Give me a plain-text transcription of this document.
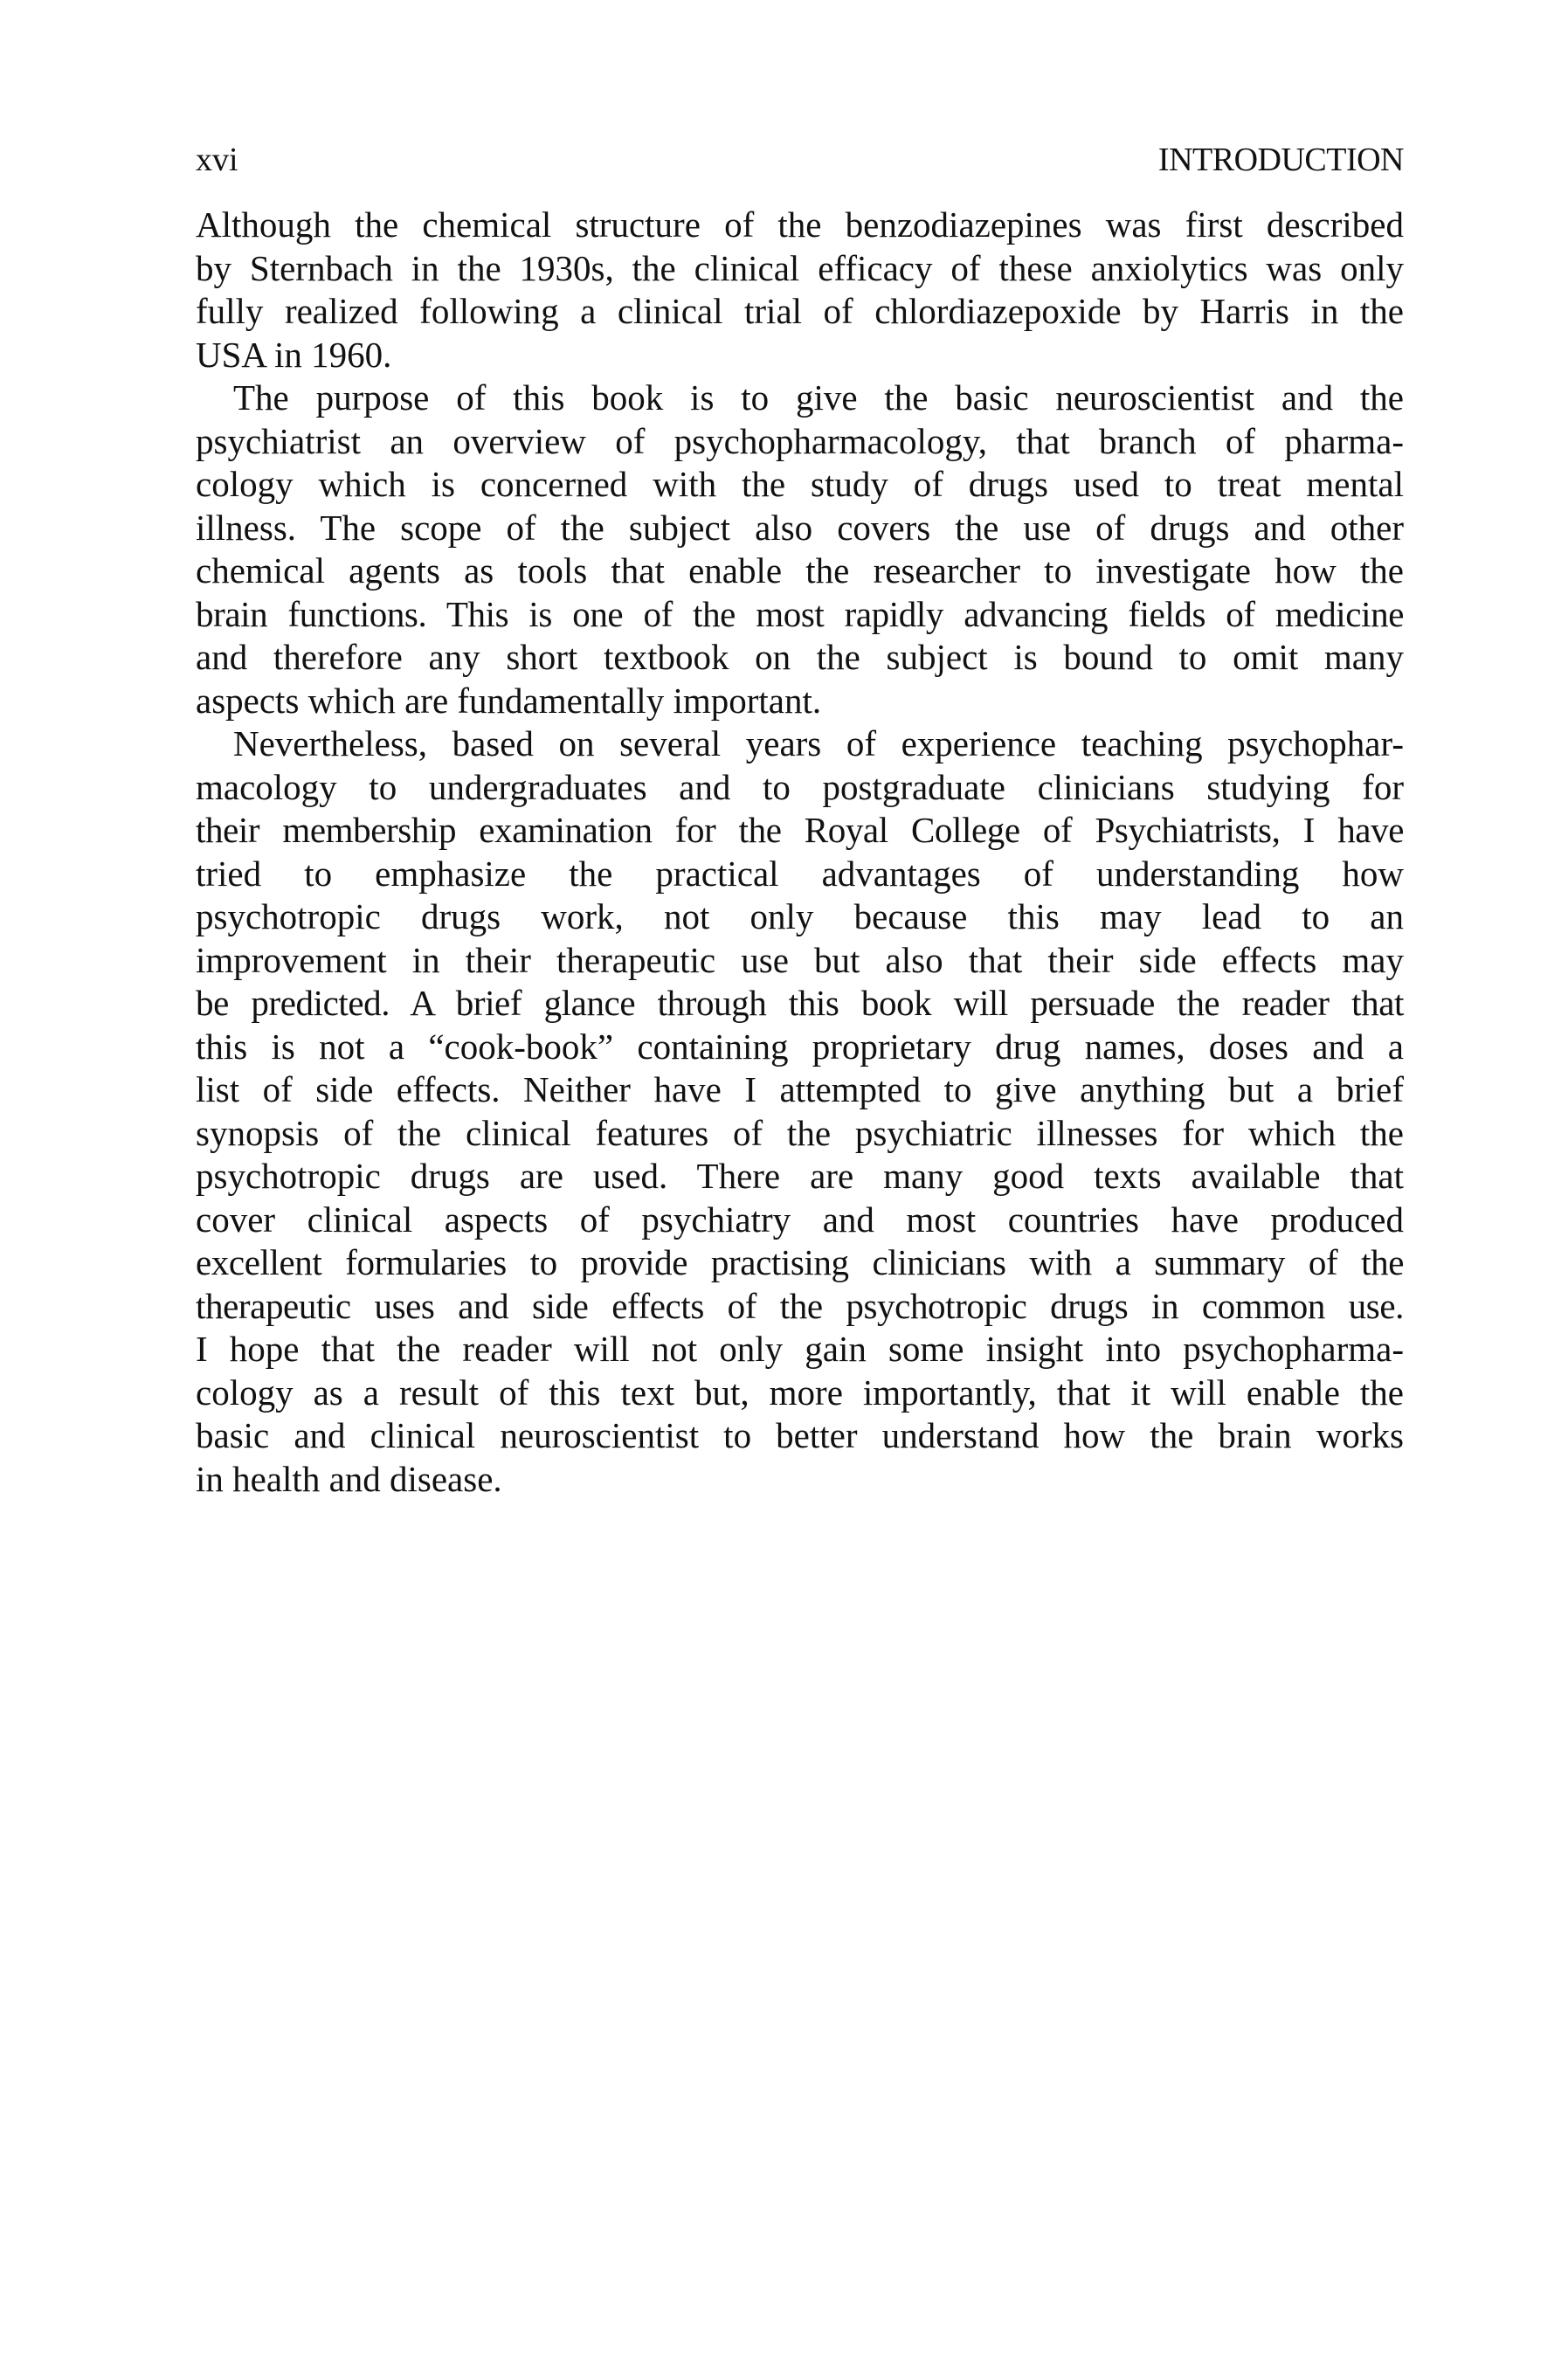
xvi	INTRODUCTION
Although the chemical structure of the benzodiazepines was first described
by Sternbach in the 1930s, the clinical efficacy of these anxiolytics was only
fully realized following a clinical trial of chlordiazepoxide by Harris in the
USA in 1960.
The purpose of this book is to give the basic neuroscientist and the
psychiatrist an overview of psychopharmacology, that branch of pharma-
cology which is concerned with the study of drugs used to treat mental
illness. The scope of the subject also covers the use of drugs and other
chemical agents as tools that enable the researcher to investigate how the
brain functions. This is one of the most rapidly advancing fields of medicine
and therefore any short textbook on the subject is bound to omit many
aspects which are fundamentally important.
Nevertheless, based on several years of experience teaching psychophar-
macology to undergraduates and to postgraduate clinicians studying for
their membership examination for the Royal College of Psychiatrists, I have
tried to emphasize the practical advantages of understanding how
psychotropic drugs work, not only because this may lead to an
improvement in their therapeutic use but also that their side effects may
be predicted. A brief glance through this book will persuade the reader that
this is not a “cook-book” containing proprietary drug names, doses and a
list of side effects. Neither have I attempted to give anything but a brief
synopsis of the clinical features of the psychiatric illnesses for which the
psychotropic drugs are used. There are many good texts available that
cover clinical aspects of psychiatry and most countries have produced
excellent formularies to provide practising clinicians with a summary of the
therapeutic uses and side effects of the psychotropic drugs in common use.
I hope that the reader will not only gain some insight into psychopharma-
cology as a result of this text but, more importantly, that it will enable the
basic and clinical neuroscientist to better understand how the brain works
in health and disease.
